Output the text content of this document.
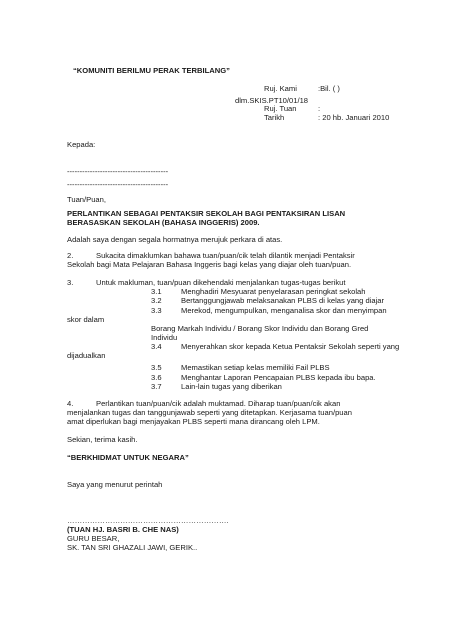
“KOMUNITI BERILMU PERAK TERBILANG”
Ruj. Kami	:Bil. ( )
dlm.SKIS.PT10/01/18
Ruj. Tuan	:
Tarikh	: 20 hb. Januari 2010
Kepada:
----------------------------------------
----------------------------------------
Tuan/Puan,
PERLANTIKAN SEBAGAI PENTAKSIR SEKOLAH BAGI PENTAKSIRAN LISAN
BERASASKAN SEKOLAH (BAHASA INGGERIS) 2009.
Adalah saya dengan segala hormatnya merujuk perkara di atas.
2.	Sukacita dimaklumkan bahawa tuan/puan/cik telah dilantik menjadi Pentaksir
Sekolah bagi Mata Pelajaran Bahasa Inggeris bagi kelas yang diajar oleh tuan/puan.
3.	Untuk makluman, tuan/puan dikehendaki menjalankan tugas-tugas berikut
3.1	Menghadiri Mesyuarat penyelarasan peringkat sekolah
3.2	Bertanggungjawab melaksanakan PLBS di kelas yang diajar
3.3	Merekod, mengumpulkan, menganalisa skor dan menyimpan
skor dalam
Borang Markah Individu / Borang Skor Individu dan Borang Gred
Individu
3.4	Menyerahkan skor kepada Ketua Pentaksir Sekolah seperti yang
dijadualkan
3.5	Memastikan setiap kelas memiliki Fail PLBS
3.6	Menghantar Laporan Pencapaian PLBS kepada ibu bapa.
3.7	Lain-lain tugas yang diberikan
4.	Perlantikan tuan/puan/cik adalah muktamad. Diharap tuan/puan/cik akan
menjalankan tugas dan tanggunjawab seperti yang ditetapkan. Kerjasama tuan/puan
amat diperlukan bagi menjayakan PLBS seperti mana dirancang oleh LPM.
Sekian, terima kasih.
“BERKHIDMAT UNTUK NEGARA”
Saya yang menurut perintah
……………………………………………………….
(TUAN HJ. BASRI B. CHE NAS)
GURU BESAR,
SK. TAN SRI GHAZALI JAWI, GERIK..
